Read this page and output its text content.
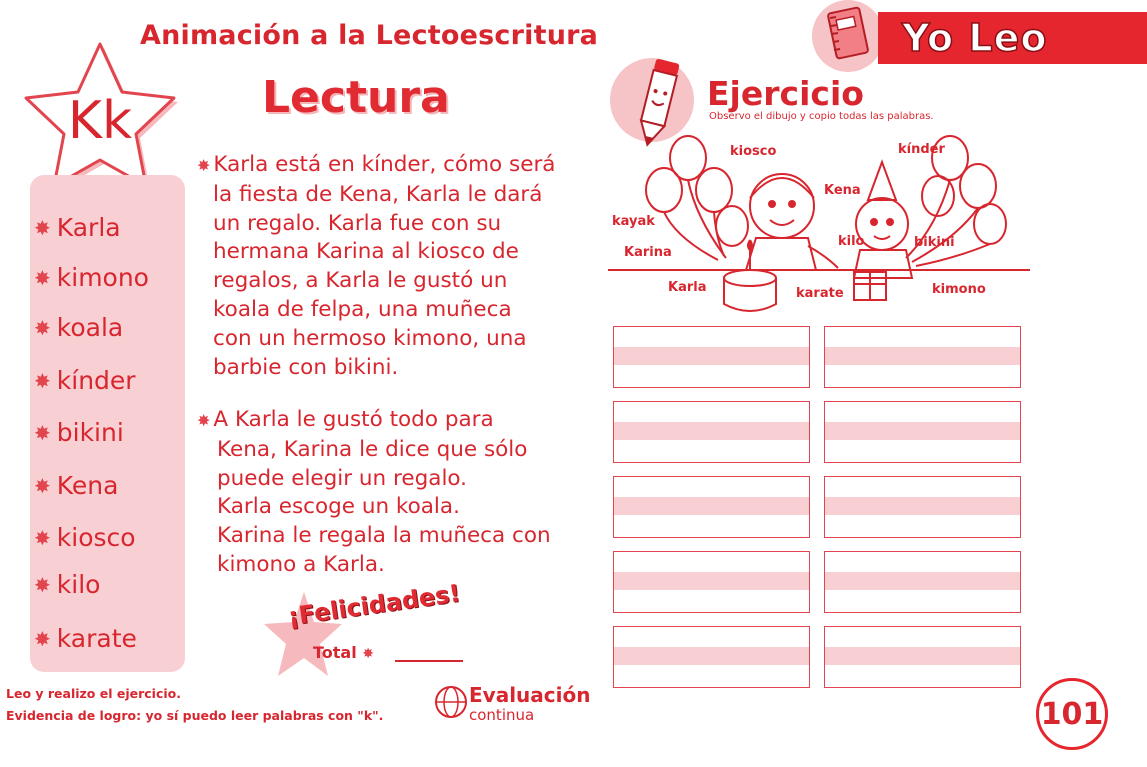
Animación a la Lectoescritura
Lectura
Yo Leo
Kk
✸ Karla
✸ kimono
✸ koala
✸ kínder
✸ bikini
✸ Kena
✸ kiosco
✸ kilo
✸ karate
✸ Karla está en kínder, cómo será
la fiesta de Kena, Karla le dará
un regalo. Karla fue con su
hermana Karina al kiosco de
regalos, a Karla le gustó un
koala de felpa, una muñeca
con un hermoso kimono, una
barbie con bikini.
✸ A Karla le gustó todo para
Kena, Karina le dice que sólo
puede elegir un regalo.
Karla escoge un koala.
Karina le regala la muñeca con
kimono a Karla.
¡Felicidades!
Total ✸
Ejercicio
Observo el dibujo y copio todas las palabras.
kiosco	kínder
Kena
kayak
Karina
kilo	bikini
Karla	karate	kimono
Leo y realizo el ejercicio.
Evidencia de logro: yo sí puedo leer palabras con "k".
Evaluación
continua	101
